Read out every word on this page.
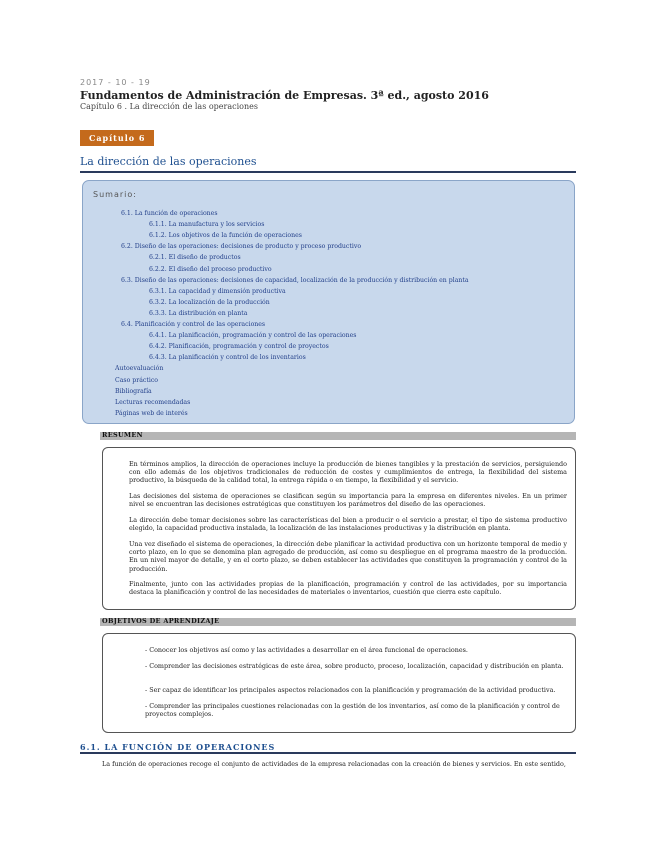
2017 - 10 - 19
Fundamentos de Administración de Empresas. 3ª ed., agosto 2016
Capítulo 6 . La dirección de las operaciones
Capítulo 6
La dirección de las operaciones
Sumario:
6.1. La función de operaciones
6.1.1. La manufactura y los servicios
6.1.2. Los objetivos de la función de operaciones
6.2. Diseño de las operaciones: decisiones de producto y proceso productivo
6.2.1. El diseño de productos
6.2.2. El diseño del proceso productivo
6.3. Diseño de las operaciones: decisiones de capacidad, localización de la producción y distribución en planta
6.3.1. La capacidad y dimensión productiva
6.3.2. La localización de la producción
6.3.3. La distribución en planta
6.4. Planificación y control de las operaciones
6.4.1. La planificación, programación y control de las operaciones
6.4.2. Planificación, programación y control de proyectos
6.4.3. La planificación y control de los inventarios
Autoevaluación
Caso práctico
Bibliografía
Lecturas recomendadas
Páginas web de interés
RESUMEN
En términos amplios, la dirección de operaciones incluye la producción de bienes tangibles y la prestación de servicios, persiguiendo con ello además de los objetivos tradicionales de reducción de costes y cumplimientos de entrega, la flexibilidad del sistema productivo, la búsqueda de la calidad total, la entrega rápida o en tiempo, la flexibilidad y el servicio.
Las decisiones del sistema de operaciones se clasifican según su importancia para la empresa en diferentes niveles. En un primer nivel se encuentran las decisiones estratégicas que constituyen los parámetros del diseño de las operaciones.
La dirección debe tomar decisiones sobre las características del bien a producir o el servicio a prestar, el tipo de sistema productivo elegido, la capacidad productiva instalada, la localización de las instalaciones productivas y la distribución en planta.
Una vez diseñado el sistema de operaciones, la dirección debe planificar la actividad productiva con un horizonte temporal de medio y corto plazo, en lo que se denomina plan agregado de producción, así como su despliegue en el programa maestro de la producción. En un nivel mayor de detalle, y en el corto plazo, se deben establecer las actividades que constituyen la programación y control de la producción.
Finalmente, junto con las actividades propias de la planificación, programación y control de las actividades, por su importancia destaca la planificación y control de las necesidades de materiales o inventarios, cuestión que cierra este capítulo.
OBJETIVOS DE APRENDIZAJE
- Conocer los objetivos así como y las actividades a desarrollar en el área funcional de operaciones.
- Comprender las decisiones estratégicas de este área, sobre producto, proceso, localización, capacidad y distribución en planta.
- Ser capaz de identificar los principales aspectos relacionados con la planificación y programación de la actividad productiva.
- Comprender las principales cuestiones relacionadas con la gestión de los inventarios, así como de la planificación y control de proyectos complejos.
6.1. LA FUNCIÓN DE OPERACIONES
La función de operaciones recoge el conjunto de actividades de la empresa relacionadas con la creación de bienes y servicios. En este sentido,
